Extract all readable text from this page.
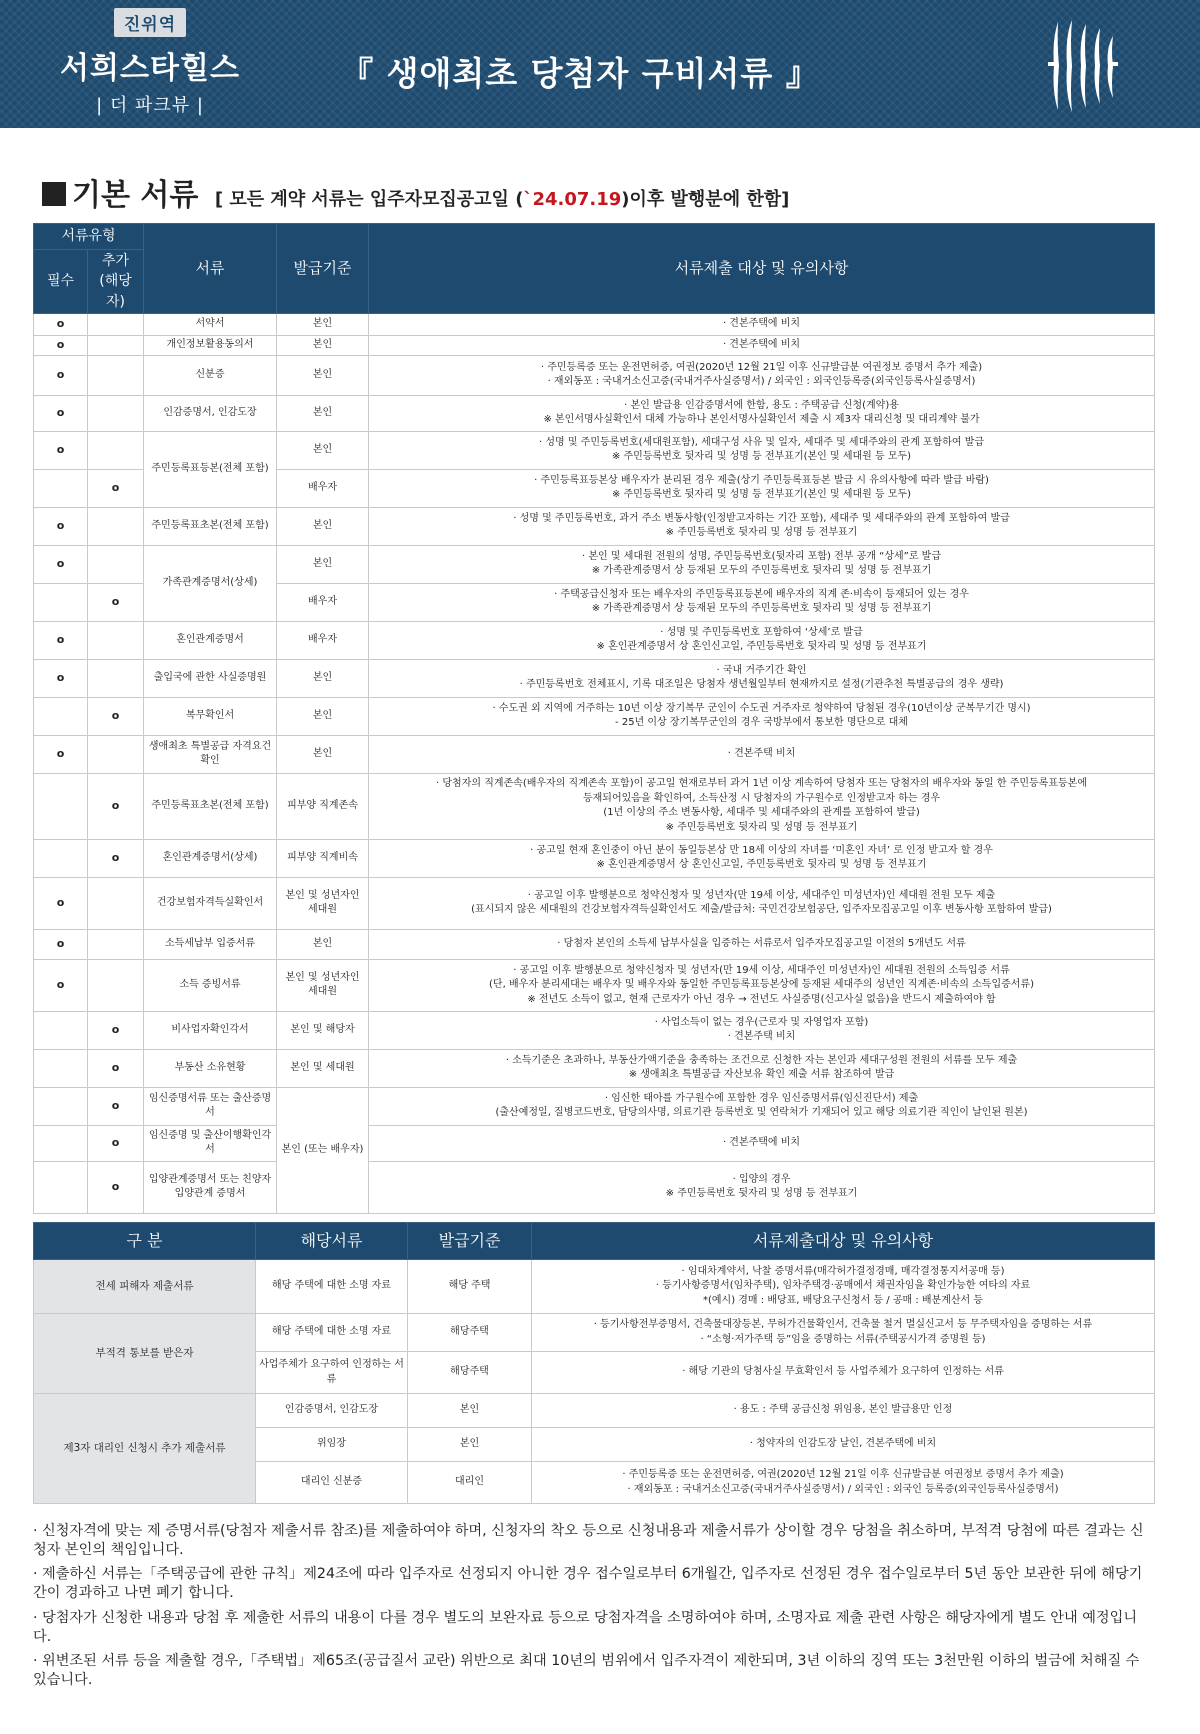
진위역
서희스타힐스
| 더 파크뷰 |
『 생애최초 당첨자 구비서류 』
기본 서류 [ 모든 계약 서류는 입주자모집공고일 (`24.07.19)이후 발행분에 한함]
서류유형		서류	발급기준	서류제출 대상 및 유의사항
필수	추가 (해당자)			
o		서약서	본인	· 견본주택에 비치
o		개인정보활용동의서	본인	· 견본주택에 비치
o		신분증	본인	· 주민등록증 또는 운전면허증, 여권(2020년 12월 21일 이후 신규발급분 여권정보 증명서 추가 제출)
· 재외동포 : 국내거소신고증(국내거주사실증명서) / 외국인 : 외국인등록증(외국인등록사실증명서)
o		인감증명서, 인감도장	본인	· 본인 발급용 인감증명서에 한함, 용도 : 주택공급 신청(계약)용
※ 본인서명사실확인서 대체 가능하나 본인서명사실확인서 제출 시 제3자 대리신청 및 대리계약 불가
o		주민등록표등본(전체 포함)	본인	· 성명 및 주민등록번호(세대원포함), 세대구성 사유 및 일자, 세대주 및 세대주와의 관계 포함하여 발급
※ 주민등록번호 뒷자리 및 성명 등 전부표기(본인 및 세대원 등 모두)
	o		배우자	· 주민등록표등본상 배우자가 분리된 경우 제출(상기 주민등록표등본 발급 시 유의사항에 따라 발급 바람)
※ 주민등록번호 뒷자리 및 성명 등 전부표기(본인 및 세대원 등 모두)
o		주민등록표초본(전체 포함)	본인	· 성명 및 주민등록번호, 과거 주소 변동사항(인정받고자하는 기간 포함), 세대주 및 세대주와의 관계 포함하여 발급
※ 주민등록번호 뒷자리 및 성명 등 전부표기
o		가족관계증명서(상세)	본인	· 본인 및 세대원 전원의 성명, 주민등록번호(뒷자리 포함) 전부 공개 “상세”로 발급
※ 가족관계증명서 상 등재된 모두의 주민등록번호 뒷자리 및 성명 등 전부표기
	o		배우자	· 주택공급신청자 또는 배우자의 주민등록표등본에 배우자의 직계 존·비속이 등재되어 있는 경우
※ 가족관계증명서 상 등재된 모두의 주민등록번호 뒷자리 및 성명 등 전부표기
o		혼인관계증명서	배우자	· 성명 및 주민등록번호 포함하여 ‘상세’로 발급
※ 혼인관계증명서 상 혼인신고일, 주민등록번호 뒷자리 및 성명 등 전부표기
o		출입국에 관한 사실증명원	본인	· 국내 거주기간 확인
· 주민등록번호 전체표시, 기록 대조일은 당첨자 생년월일부터 현재까지로 설정(기관추천 특별공급의 경우 생략)
	o	복무확인서	본인	· 수도권 외 지역에 거주하는 10년 이상 장기복무 군인이 수도권 거주자로 청약하여 당첨된 경우(10년이상 군복무기간 명시)
- 25년 이상 장기복무군인의 경우 국방부에서 통보한 명단으로 대체
o		생애최초 특별공급 자격요건 확인	본인	· 견본주택 비치
	o	주민등록표초본(전체 포함)	피부양 직계존속	· 당첨자의 직계존속(배우자의 직계존속 포함)이 공고일 현재로부터 과거 1년 이상 계속하여 당첨자 또는 당첨자의 배우자와 동일 한 주민등록표등본에
등재되어있음을 확인하여, 소득산정 시 당첨자의 가구원수로 인정받고자 하는 경우
(1년 이상의 주소 변동사항, 세대주 및 세대주와의 관계를 포함하여 발급)
※ 주민등록번호 뒷자리 및 성명 등 전부표기
	o	혼인관계증명서(상세)	피부양 직계비속	· 공고일 현재 혼인중이 아닌 분이 동일등본상 만 18세 이상의 자녀를 ‘미혼인 자녀’ 로 인정 받고자 할 경우
※ 혼인관계증명서 상 혼인신고일, 주민등록번호 뒷자리 및 성명 등 전부표기
o		건강보험자격득실확인서	본인 및 성년자인 세대원	· 공고일 이후 발행분으로 청약신청자 및 성년자(만 19세 이상, 세대주인 미성년자)인 세대원 전원 모두 제출
(표시되지 않은 세대원의 건강보험자격득실확인서도 제출/발급처: 국민건강보험공단, 입주자모집공고일 이후 변동사항 포함하여 발급)
o		소득세납부 입증서류	본인	· 당첨자 본인의 소득세 납부사실을 입증하는 서류로서 입주자모집공고일 이전의 5개년도 서류
o		소득 증빙서류	본인 및 성년자인 세대원	· 공고일 이후 발행분으로 청약신청자 및 성년자(만 19세 이상, 세대주인 미성년자)인 세대원 전원의 소득입증 서류
(단, 배우자 분리세대는 배우자 및 배우자와 동일한 주민등록표등본상에 등재된 세대주의 성년인 직계존·비속의 소득입증서류)
※ 전년도 소득이 없고, 현재 근로자가 아닌 경우 → 전년도 사실증명(신고사실 없음)을 반드시 제출하여야 함
	o	비사업자확인각서	본인 및 해당자	· 사업소득이 없는 경우(근로자 및 자영업자 포함)
· 견본주택 비치
	o	부동산 소유현황	본인 및 세대원	· 소득기준은 초과하나, 부동산가액기준을 충족하는 조건으로 신청한 자는 본인과 세대구성원 전원의 서류를 모두 제출
※ 생애최초 특별공급 자산보유 확인 제출 서류 참조하여 발급
	o	임신증명서류 또는 출산증명서	본인 (또는 배우자)	· 임신한 태아를 가구원수에 포함한 경우 임신증명서류(임신진단서) 제출
(출산예정일, 질병코드번호, 담당의사명, 의료기관 등록번호 및 연락처가 기재되어 있고 해당 의료기관 직인이 날인된 원본)
	o	임신증명 및 출산이행확인각서		· 견본주택에 비치
	o	입양관계증명서 또는 친양자 입양관계 증명서		· 입양의 경우
※ 주민등록번호 뒷자리 및 성명 등 전부표기
구 분	해당서류	발급기준	서류제출대상 및 유의사항
전세 피해자 제출서류	해당 주택에 대한 소명 자료	해당 주택	· 임대차계약서, 낙찰 증명서류(매각허가결정경매, 매각결정통지서공매 등)
· 등기사항증명서(임차주택), 임차주택경·공매에서 채권자임을 확인가능한 여타의 자료
*(예시) 경매 : 배당표, 배당요구신청서 등 / 공매 : 배분계산서 등
부적격 통보를 받은자	해당 주택에 대한 소명 자료	해당주택	· 등기사항전부증명서, 건축물대장등본, 무허가건물확인서, 건축물 철거 멸실신고서 등 무주택자임을 증명하는 서류
· “소형·저가주택 등”임을 증명하는 서류(주택공시가격 증명원 등)
	사업주체가 요구하여 인정하는 서류	해당주택	· 해당 기관의 당첨사실 무효확인서 등 사업주체가 요구하여 인정하는 서류
제3자 대리인 신청시 추가 제출서류	인감증명서, 인감도장	본인	· 용도 : 주택 공급신청 위임용, 본인 발급용만 인정
	위임장	본인	· 청약자의 인감도장 날인, 견본주택에 비치
	대리인 신분증	대리인	· 주민등록증 또는 운전면허증, 여권(2020년 12월 21일 이후 신규발급분 여권정보 증명서 추가 제출)
· 재외동포 : 국내거소신고증(국내거주사실증명서) / 외국인 : 외국인 등록증(외국인등록사실증명서)

· 신청자격에 맞는 제 증명서류(당첨자 제출서류 참조)를 제출하여야 하며, 신청자의 착오 등으로 신청내용과 제출서류가 상이할 경우 당첨을 취소하며, 부적격 당첨에 따른 결과는 신청자 본인의 책임입니다.

· 제출하신 서류는「주택공급에 관한 규칙」제24조에 따라 입주자로 선정되지 아니한 경우 접수일로부터 6개월간, 입주자로 선정된 경우 접수일로부터 5년 동안 보관한 뒤에 해당기간이 경과하고 나면 폐기 합니다.

· 당첨자가 신청한 내용과 당첨 후 제출한 서류의 내용이 다를 경우 별도의 보완자료 등으로 당첨자격을 소명하여야 하며, 소명자료 제출 관련 사항은 해당자에게 별도 안내 예정입니다.

· 위변조된 서류 등을 제출할 경우,「주택법」제65조(공급질서 교란) 위반으로 최대 10년의 범위에서 입주자격이 제한되며, 3년 이하의 징역 또는 3천만원 이하의 벌금에 처해질 수 있습니다.
